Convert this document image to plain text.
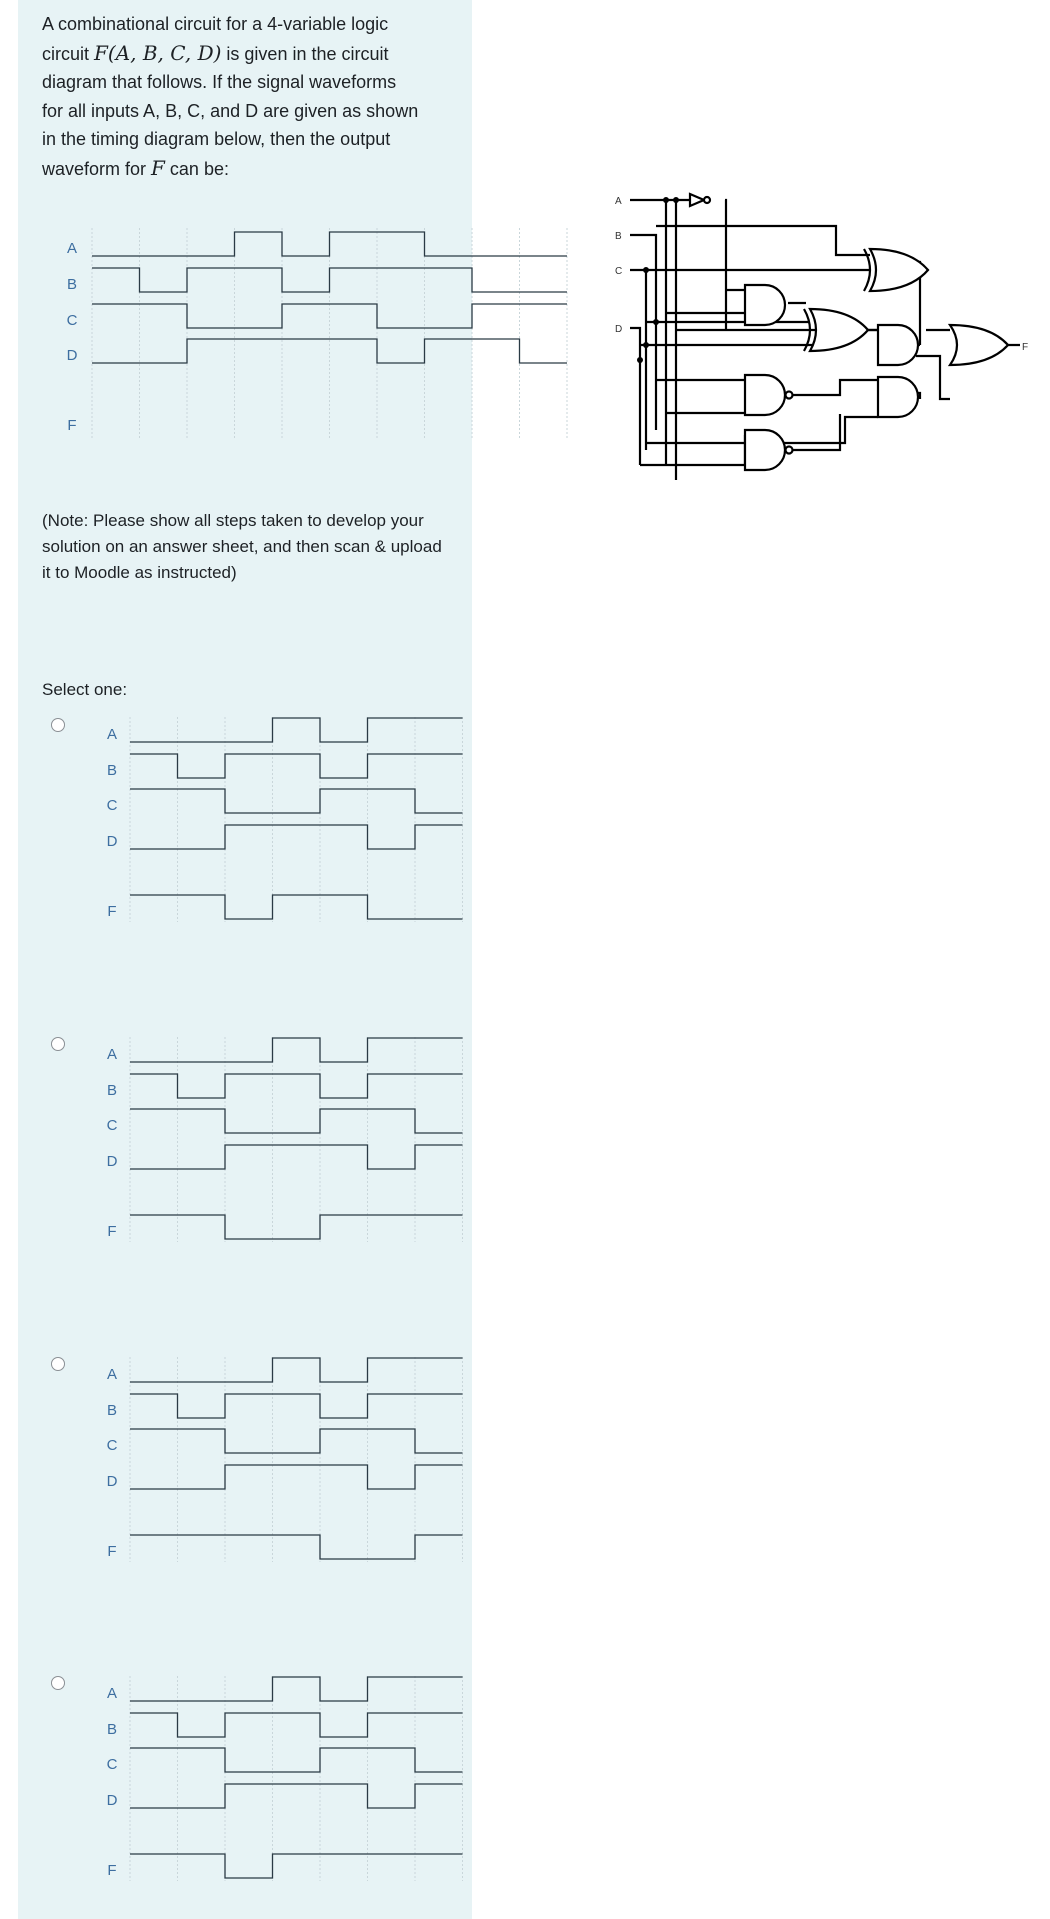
A combinational circuit for a 4-variable logic
circuit F(A, B, C, D) is given in the circuit
diagram that follows. If the signal waveforms
for all inputs A, B, C, and D are given as shown
in the timing diagram below, then the output
waveform for F can be:
A
B
C
D
F
A
B
C
D
F
(Note: Please show all steps taken to develop your
solution on an answer sheet, and then scan & upload
it to Moodle as instructed)
Select one:
A
B
C
D
F
A
B
C
D
F
A
B
C
D
F
A
B
C
D
F
